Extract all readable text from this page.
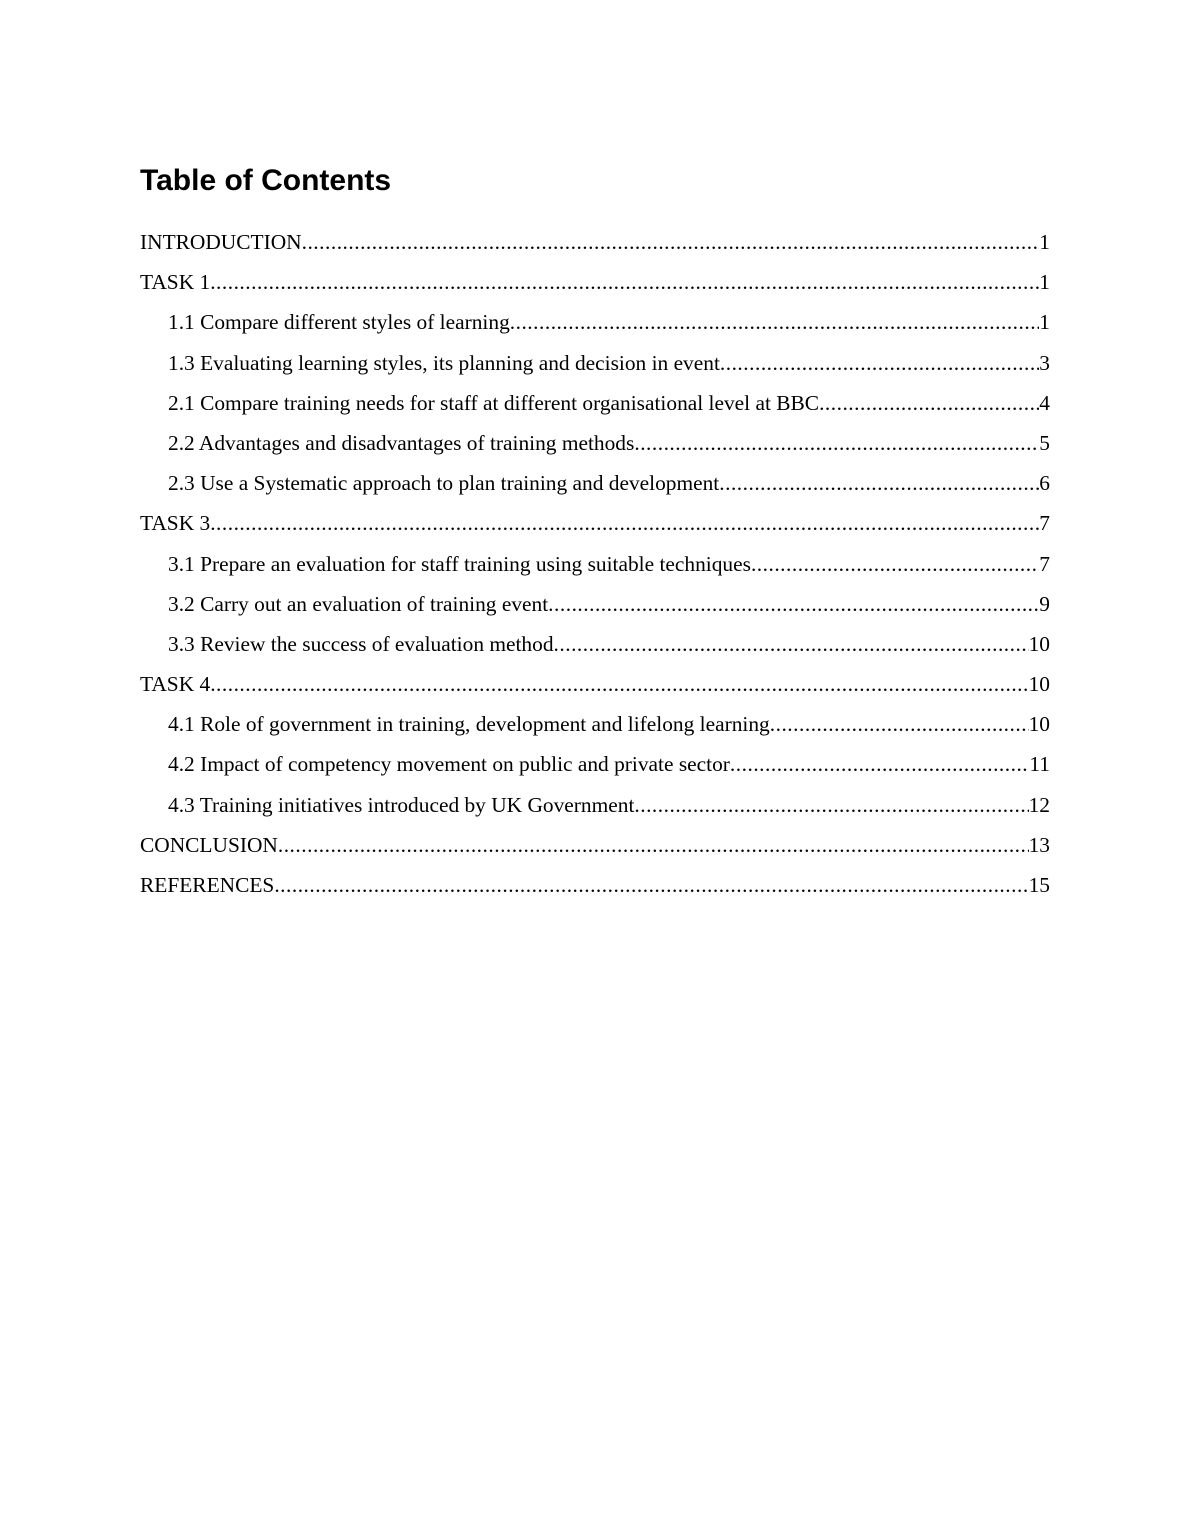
Table of Contents
INTRODUCTION .....	1
TASK 1 .....	1
1.1 Compare different styles of learning .....	1
1.3 Evaluating learning styles, its planning and decision in event .....	3
2.1 Compare training needs for staff at different organisational level at BBC .....	4
2.2 Advantages and disadvantages of training methods .....	5
2.3 Use a Systematic approach to plan training and development .....	6
TASK 3 .....	7
3.1 Prepare an evaluation for staff training using suitable techniques .....	7
3.2 Carry out an evaluation of training event .....	9
3.3 Review the success of evaluation method .....	10
TASK 4 .....	10
4.1 Role of government in training, development and lifelong learning .....	10
4.2 Impact of competency movement on public and private sector .....	11
4.3 Training initiatives introduced by UK Government .....	12
CONCLUSION .....	13
REFERENCES .....	15
